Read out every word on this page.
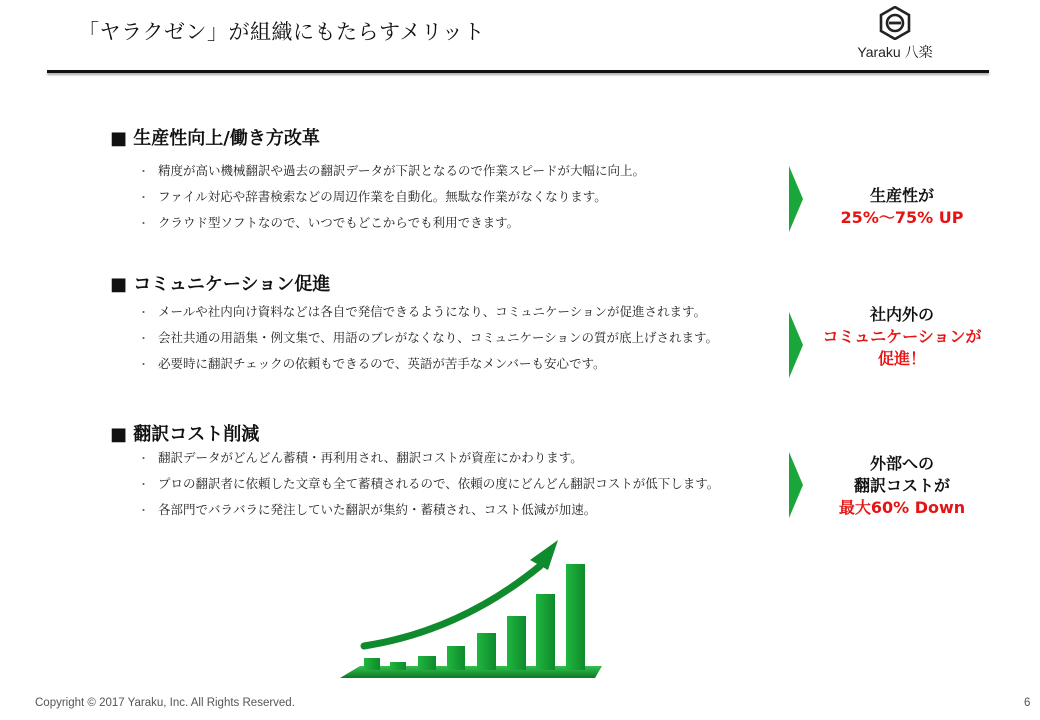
「ヤラクゼン」が組織にもたらすメリット
Yaraku 八楽
■ 生産性向上/働き方改革
・ 精度が高い機械翻訳や過去の翻訳データが下訳となるので作業スピードが大幅に向上。
・ ファイル対応や辞書検索などの周辺作業を自動化。無駄な作業がなくなります。
・ クラウド型ソフトなので、いつでもどこからでも利用できます。
生産性が
25%～75% UP
■ コミュニケーション促進
・ メールや社内向け資料などは各自で発信できるようになり、コミュニケーションが促進されます。
・ 会社共通の用語集・例文集で、用語のブレがなくなり、コミュニケーションの質が底上げされます。
・ 必要時に翻訳チェックの依頼もできるので、英語が苦手なメンバーも安心です。
社内外の
コミュニケーションが
促進！
■ 翻訳コスト削減
・ 翻訳データがどんどん蓄積・再利用され、翻訳コストが資産にかわります。
・ プロの翻訳者に依頼した文章も全て蓄積されるので、依頼の度にどんどん翻訳コストが低下します。
・ 各部門でバラバラに発注していた翻訳が集約・蓄積され、コスト低減が加速。
外部への
翻訳コストが
最大60% Down
Copyright © 2017 Yaraku, Inc. All Rights Reserved.	6
